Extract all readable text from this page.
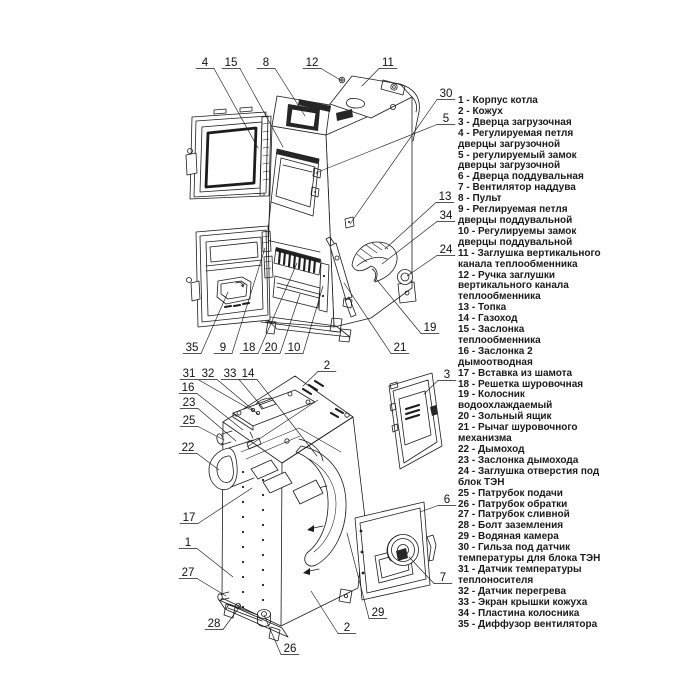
4 15 8	12	11
30
5
13
34
24
19
21
35 9 18 20 10
31 32 33 14
2
3
16
23
25
22
17
6
1
27
28
26
2
29
7
1 - Корпус котла
2 - Кожух
3 - Дверца загрузочная
4 - Регулируемая петля
дверцы загрузочной
5 - регулируемый замок
дверцы загрузочной
6 - Дверца поддувальная
7 - Вентилятор наддува
8 - Пульт
9 - Реглируемая петля
дверцы поддувальной
10 - Регулируемы замок
дверцы поддувальной
11 - Заглушка вертикального
канала теплообменника
12 - Ручка заглушки
вертикального канала
теплообменника
13 - Топка
14 - Газоход
15 - Заслонка
теплообменника
16 - Заслонка 2
дымоотводная
17 - Вставка из шамота
18 - Решетка шуровочная
19 - Колосник
водоохлаждаемый
20 - Зольный ящик
21 - Рычаг шуровочного
механизма
22 - Дымоход
23 - Заслонка дымохода
24 - Заглушка отверстия под
блок ТЭН
25 - Патрубок подачи
26 - Патрубок обратки
27 - Патрубок сливной
28 - Болт заземления
29 - Водяная камера
30 - Гильза под датчик
температуры для блока ТЭН
31 - Датчик температуры
теплоносителя
32 - Датчик перегрева
33 - Экран крышки кожуха
34 - Пластина колосника
35 - Диффузор вентилятора
